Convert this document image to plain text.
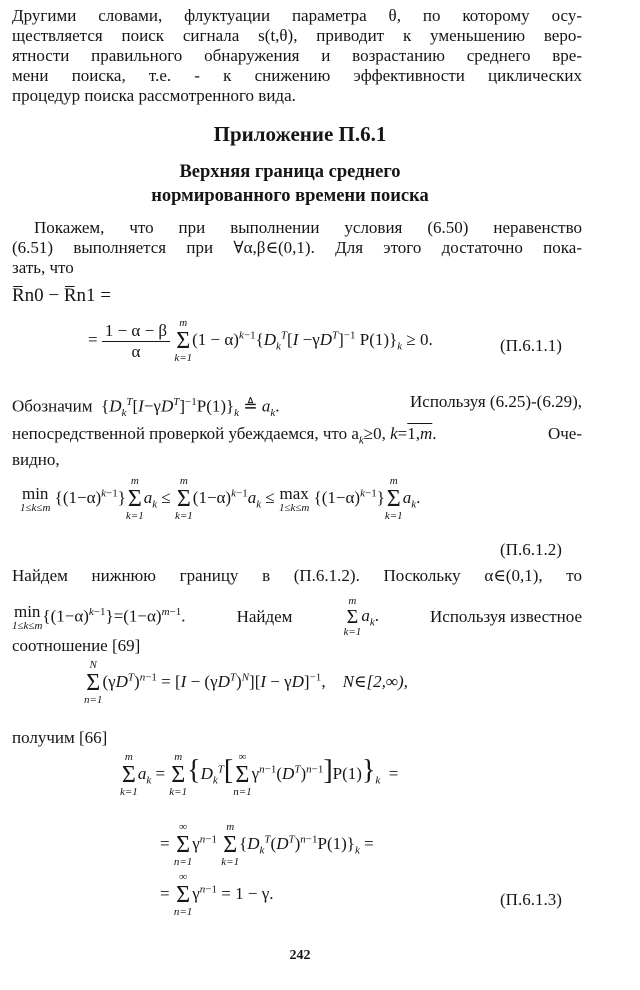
Другими словами, флуктуации параметра θ, по которому осу-
ществляется поиск сигнала s(t,θ), приводит к уменьшению веро-
ятности правильного обнаружения и возрастанию среднего вре-
мени поиска, т.е. - к снижению эффективности циклических
процедур поиска рассмотренного вида.
Приложение П.6.1
Верхняя граница среднего
нормированного времени поиска
Покажем, что при выполнении условия (6.50) неравенство
(6.51) выполняется при ∀α,β∈(0,1). Для этого достаточно пока-
зать, что
R̅n0 − R̅n1 =
= $\frac{1 - \alpha - \beta}{\alpha}$
m
Σ
k=1
$(1 - \alpha)^{k-1}\{D_k^T[I -\gamma D^T]^{-1}$ $P(1)\}_k \ge 0$.	(П.6.1.1)
Обозначим  $\{D_k^T[I-\gamma D^T]^{-1}P(1)\}_k$ ≜ $a_k$.	Используя (6.25)-(6.29),
непосредственной проверкой убеждаемся, что $a_k\ge 0$, k=1,m.	Оче-
видно,
min
1≤k≤m
$\{(1-\alpha)^{k-1}\}$
m
Σ
k=1
$a_k$ ≤
m
Σ
k=1
$(1-\alpha)^{k-1}a_k \le \max$
1≤k≤m
$\{(1-\alpha)^{k-1}\}$
m
Σ
k=1
$a_k$.
(П.6.1.2)
Найдем нижнюю границу в (П.6.1.2). Поскольку α∈(0,1), то
min
1≤k≤m
$\{(1-\alpha)^{k-1}\}=(1-\alpha)^{m-1}$.	Найдем
m
Σ
k=1
$a_k$.	Используя известное
соотношение [69]
N
Σ
n=1
$(\gamma D^T)^{n-1} = [I - (\gamma D^T)^N][I - \gamma D]^{-1}$,    N∈[2,∞),
получим [66]
m
Σ
k=1
$a_k$ =
m
Σ
k=1
{$D_k^T$[ ∞
Σ
n=1
$\gamma^{n-1}(D^T)^{n-1}]P(1)\}_k$  =
=
∞
Σ
n=1
$\gamma^{n-1}$
m
Σ
k=1
$\{D_k^T(D^T)^{n-1}P(1)\}_k$ =
=
∞
Σ
n=1
$\gamma^{n-1} = 1 - \gamma$.	(П.6.1.3)
242
